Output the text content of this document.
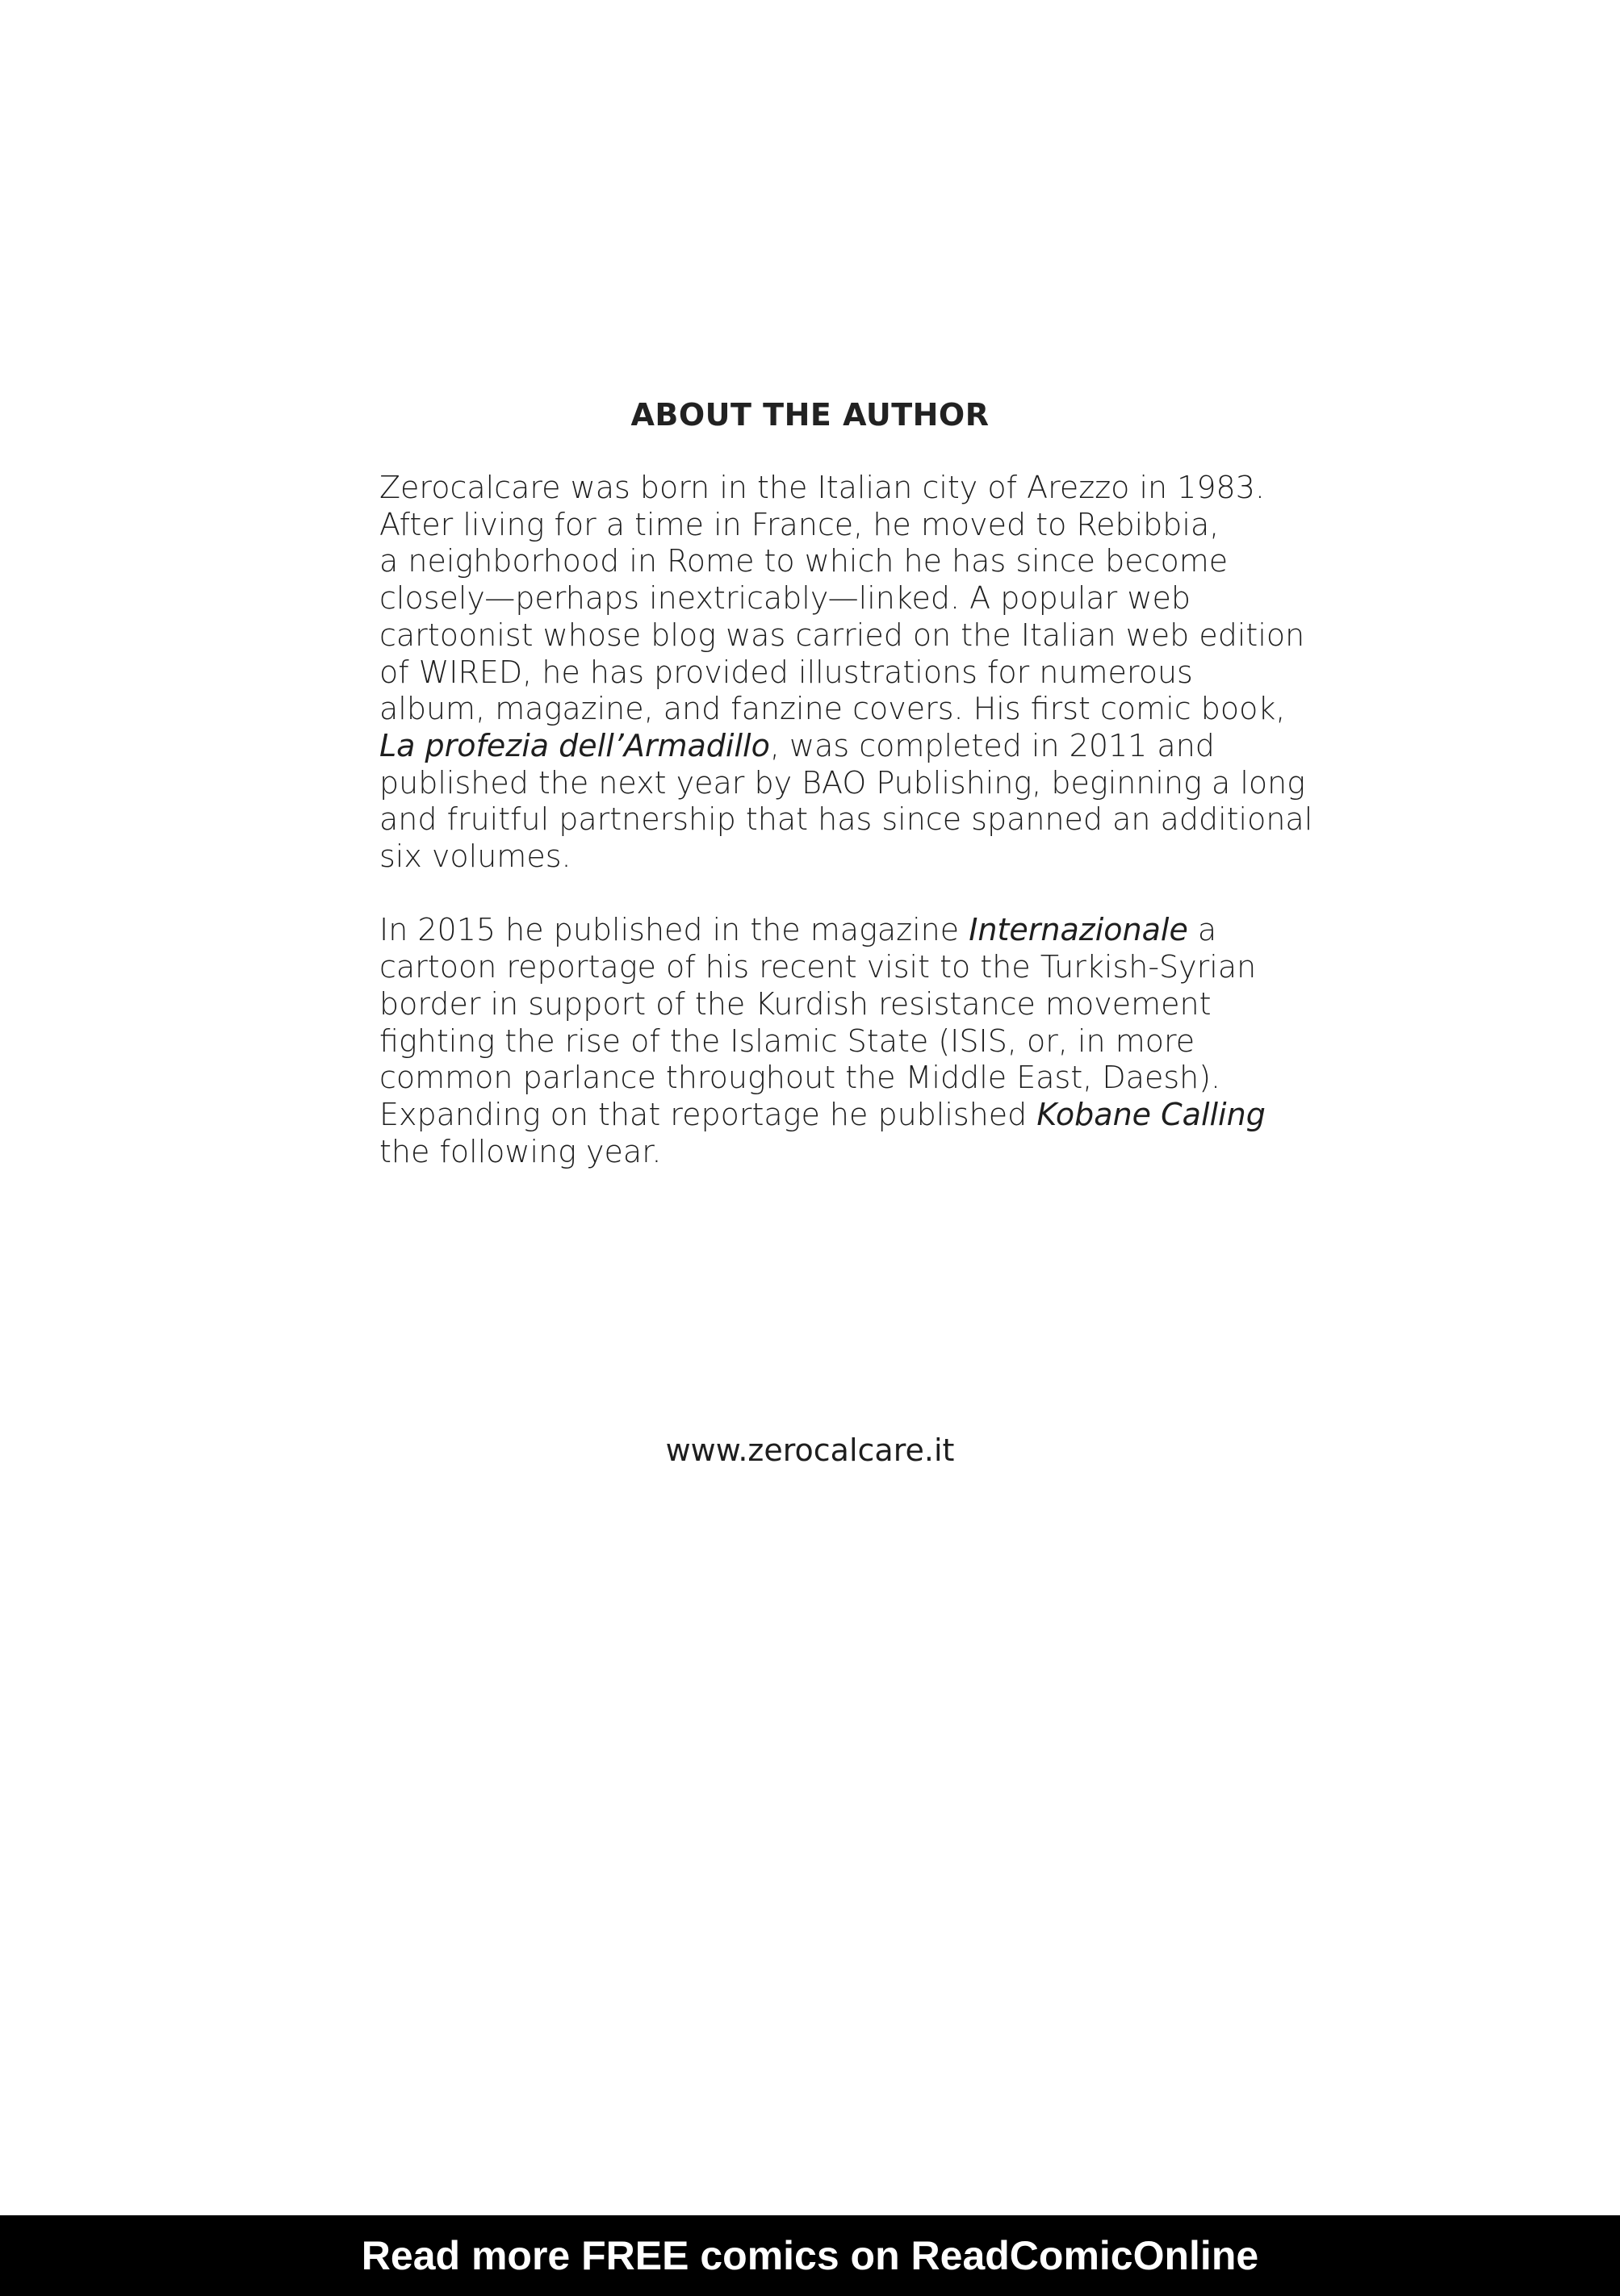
ABOUT THE AUTHOR
Zerocalcare was born in the Italian city of Arezzo in 1983.
After living for a time in France, he moved to Rebibbia,
a neighborhood in Rome to which he has since become
closely—perhaps inextricably—linked. A popular web
cartoonist whose blog was carried on the Italian web edition
of WIRED, he has provided illustrations for numerous
album, magazine, and fanzine covers. His first comic book,
La profezia dell’Armadillo, was completed in 2011 and
published the next year by BAO Publishing, beginning a long
and fruitful partnership that has since spanned an additional
six volumes.
In 2015 he published in the magazine Internazionale a
cartoon reportage of his recent visit to the Turkish-Syrian
border in support of the Kurdish resistance movement
fighting the rise of the Islamic State (ISIS, or, in more
common parlance throughout the Middle East, Daesh).
Expanding on that reportage he published Kobane Calling
the following year.
www.zerocalcare.it
Read more FREE comics on ReadComicOnline
